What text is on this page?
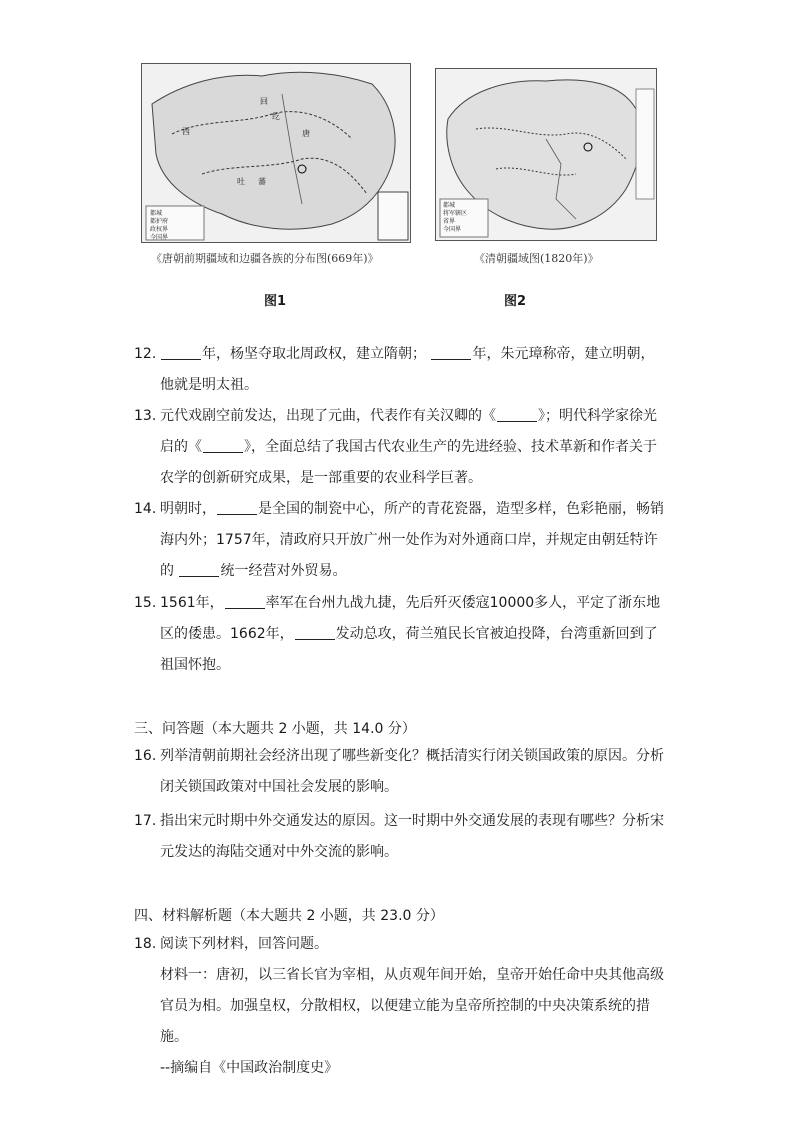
西
回
纥
唐
吐 蕃
都城
都护府
政权界
今国界
《唐朝前期疆域和边疆各族的分布图(669年)》
图1
都城
将军辖区
省界
今国界
《清朝疆域图(1820年)》
图2
12.	年，杨坚夺取北周政权，建立隋朝；	年，朱元璋称帝，建立明朝，
他就是明太祖。
13. 元代戏剧空前发达，出现了元曲，代表作有关汉卿的《	》；明代科学家徐光
启的《	》，全面总结了我国古代农业生产的先进经验、技术革新和作者关于
农学的创新研究成果，是一部重要的农业科学巨著。
14. 明朝时，	是全国的制瓷中心，所产的青花瓷器，造型多样，色彩艳丽，畅销
海内外；1757年，清政府只开放广州一处作为对外通商口岸，并规定由朝廷特许
的	统一经营对外贸易。
15. 1561年，	率军在台州九战九捷，先后歼灭倭寇10000多人，平定了浙东地
区的倭患。1662年，	发动总攻，荷兰殖民长官被迫投降，台湾重新回到了
祖国怀抱。
三、问答题（本大题共 2 小题，共 14.0 分）
16. 列举清朝前期社会经济出现了哪些新变化？概括清实行闭关锁国政策的原因。分析
闭关锁国政策对中国社会发展的影响。
17. 指出宋元时期中外交通发达的原因。这一时期中外交通发展的表现有哪些？分析宋
元发达的海陆交通对中外交流的影响。
四、材料解析题（本大题共 2 小题，共 23.0 分）
18. 阅读下列材料，回答问题。
材料一：唐初，以三省长官为宰相，从贞观年间开始，皇帝开始任命中央其他高级
官员为相。加强皇权，分散相权，以便建立能为皇帝所控制的中央决策系统的措施。
--摘编自《中国政治制度史》
